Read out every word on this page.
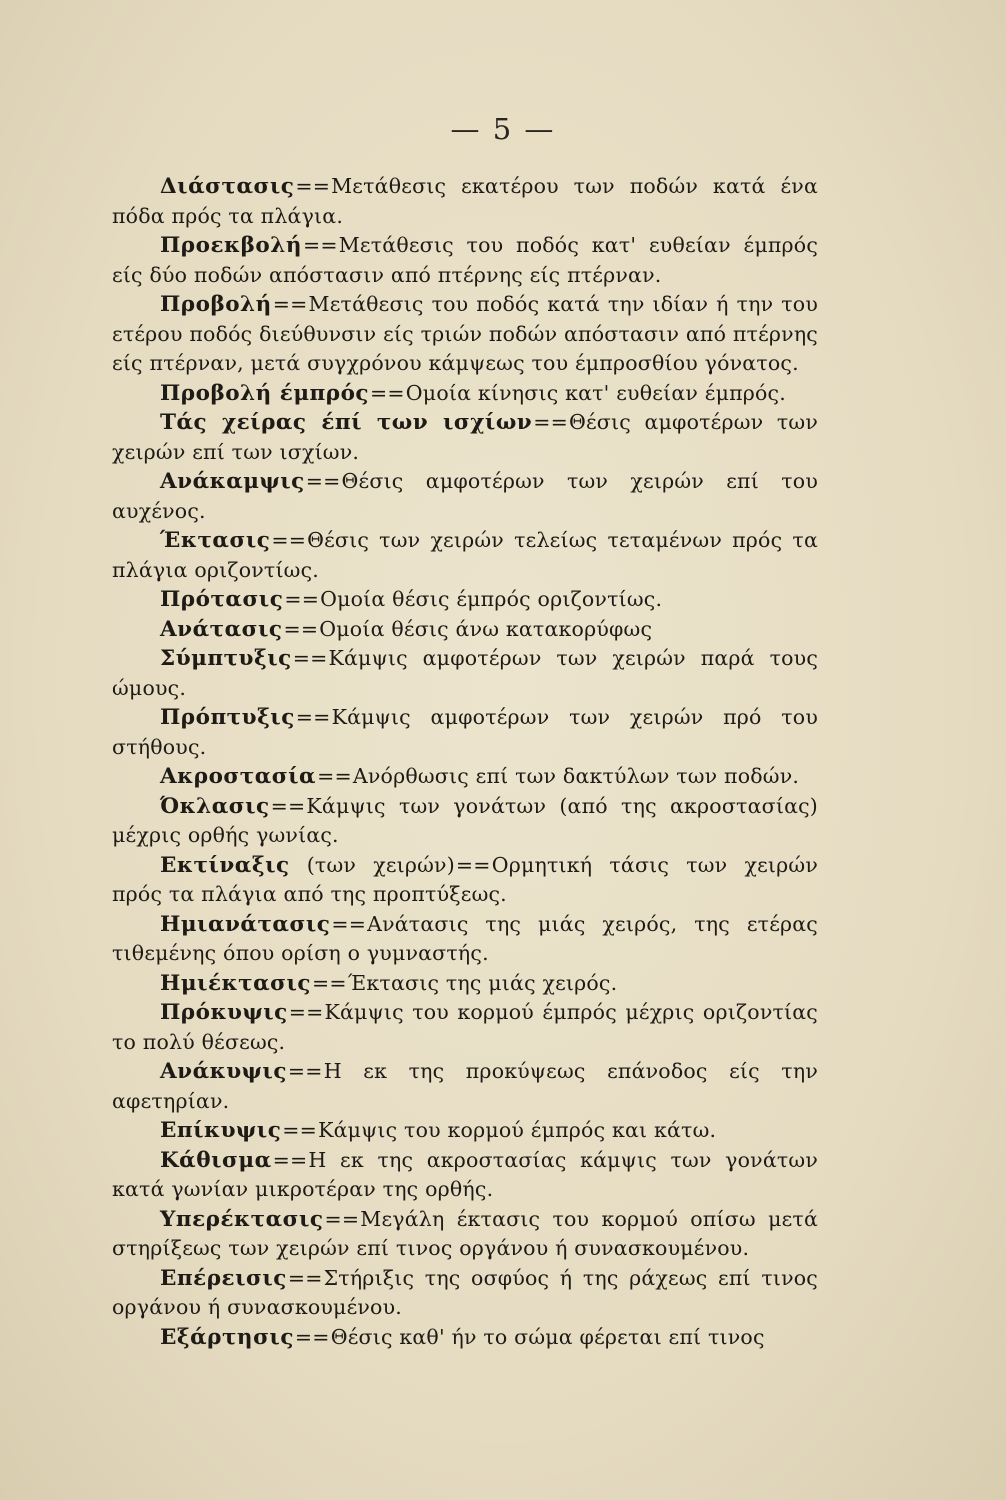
— 5 —

Διάστασις==Μετάθεσις εκατέρου των ποδών κατά ένα πόδα πρός τα πλάγια.

Προεκβολή==Μετάθεσις του ποδός κατ' ευθείαν έμπρός είς δύο ποδών απόστασιν από πτέρνης είς πτέρναν.

Προβολή==Μετάθεσις του ποδός κατά την ιδίαν ή την του ετέρου ποδός διεύθυνσιν είς τριών ποδών απόστασιν από πτέρνης είς πτέρναν, μετά συγχρόνου κάμψεως του έμπροσθίου γόνατος.

Προβολή έμπρός==Ομοία κίνησις κατ' ευθείαν έμπρός.

Τάς χείρας έπί των ισχίων==Θέσις αμφοτέρων των χειρών επί των ισχίων.

Ανάκαμψις==Θέσις αμφοτέρων των χειρών επί του αυχένος.

Έκτασις==Θέσις των χειρών τελείως τεταμένων πρός τα πλάγια οριζοντίως.

Πρότασις==Ομοία θέσις έμπρός οριζοντίως.

Ανάτασις==Ομοία θέσις άνω κατακορύφως

Σύμπτυξις==Κάμψις αμφοτέρων των χειρών παρά τους ώμους.

Πρόπτυξις==Κάμψις αμφοτέρων των χειρών πρό του στήθους.

Ακροστασία==Ανόρθωσις επί των δακτύλων των ποδών.

Όκλασις==Κάμψις των γονάτων (από της ακροστασίας) μέχρις ορθής γωνίας.

Εκτίναξις (των χειρών)==Ορμητική τάσις των χειρών πρός τα πλάγια από της προπτύξεως.

Ημιανάτασις==Ανάτασις της μιάς χειρός, της ετέρας τιθεμένης όπου ορίση ο γυμναστής.

Ημιέκτασις==Έκτασις της μιάς χειρός.

Πρόκυψις==Κάμψις του κορμού έμπρός μέχρις οριζοντίας το πολύ θέσεως.

Ανάκυψις==Η εκ της προκύψεως επάνοδος είς την αφετηρίαν.

Επίκυψις==Κάμψις του κορμού έμπρός και κάτω.

Κάθισμα==Η εκ της ακροστασίας κάμψις των γονάτων κατά γωνίαν μικροτέραν της ορθής.

Υπερέκτασις==Μεγάλη έκτασις του κορμού οπίσω μετά στηρίξεως των χειρών επί τινος οργάνου ή συνασκουμένου.

Επέρεισις==Στήριξις της οσφύος ή της ράχεως επί τινος οργάνου ή συνασκουμένου.

Εξάρτησις==Θέσις καθ' ήν το σώμα φέρεται επί τινος
